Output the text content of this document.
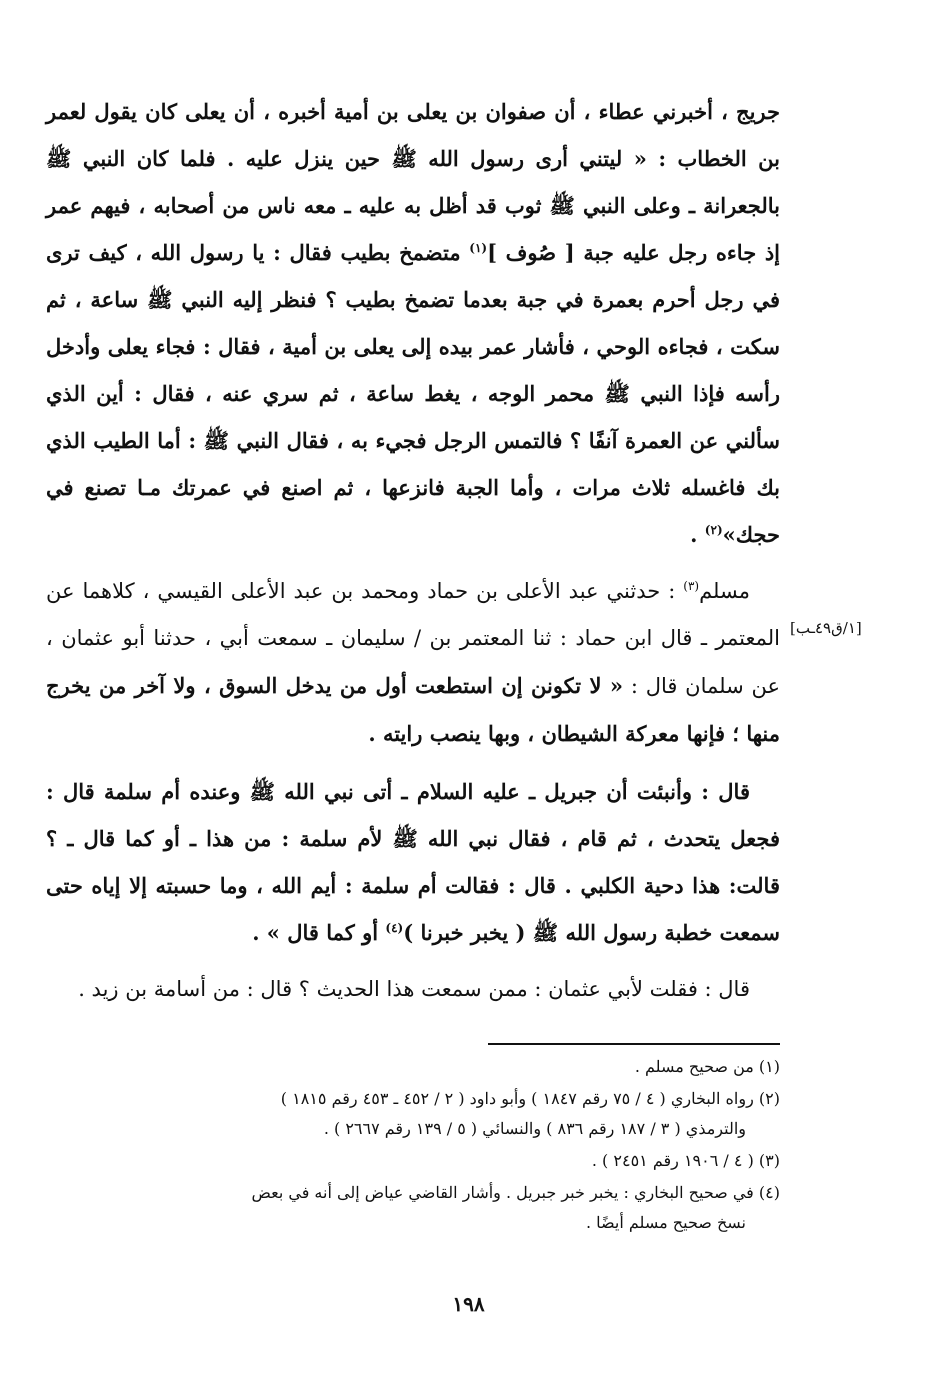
جريج ، أخبرني عطاء ، أن صفوان بن يعلى بن أمية أخبره ، أن يعلى كان يقول لعمر بن الخطاب : « ليتني أرى رسول الله ﷺ حين ينزل عليه . فلما كان النبي ﷺ بالجعرانة ـ وعلى النبي ﷺ ثوب قد أظل به عليه ـ معه ناس من أصحابه ، فيهم عمر إذ جاءه رجل عليه جبة [ صُوف ]$^{(١)}$ متضمخ بطيب فقال : يا رسول الله ، كيف ترى في رجل أحرم بعمرة في جبة بعدما تضمخ بطيب ؟ فنظر إليه النبي ﷺ ساعة ، ثم سكت ، فجاءه الوحي ، فأشار عمر بيده إلى يعلى بن أمية ، فقال : فجاء يعلى وأدخل رأسه فإذا النبي ﷺ محمر الوجه ، يغط ساعة ، ثم سري عنه ، فقال : أين الذي سألني عن العمرة آنفًا ؟ فالتمس الرجل فجيء به ، فقال النبي ﷺ : أما الطيب الذي بك فاغسله ثلاث مرات ، وأما الجبة فانزعها ، ثم اصنع في عمرتك مـا تصنع في حجك»$^{(٢)}$ .

مسلم$^{(٣)}$ : حدثني عبد الأعلى بن حماد ومحمد بن عبد الأعلى القيسي ، كلاهما عن المعتمر ـ قال ابن حماد : ثنا المعتمر بن / سليمان ـ سمعت أبي ، حدثنا أبو عثمان ، عن سلمان قال : « لا تكونن إن استطعت أول من يدخل السوق ، ولا آخر من يخرج منها ؛ فإنها معركة الشيطان ، وبها ينصب رايته .

قال : وأنبئت أن جبريل ـ عليه السلام ـ أتى نبي الله ﷺ وعنده أم سلمة قال : فجعل يتحدث ، ثم قام ، فقال نبي الله ﷺ لأم سلمة : من هذا ـ أو كما قال ـ ؟ قالت: هذا دحية الكلبي . قال : فقالت أم سلمة : أيم الله ، وما حسبته إلا إياه حتى سمعت خطبة رسول الله ﷺ ( يخبر خبرنا )$^{(٤)}$ أو كما قال » .

قال : فقلت لأبي عثمان : ممن سمعت هذا الحديث ؟ قال : من أسامة بن زيد .

[١/ق٤٩ـب]
(١) من صحيح مسلم .
(٢) رواه البخاري ( ٤ / ٧٥ رقم ١٨٤٧ ) وأبو داود ( ٢ / ٤٥٢ ـ ٤٥٣ رقم ١٨١٥ )
والترمذي ( ٣ / ١٨٧ رقم ٨٣٦ ) والنسائي ( ٥ / ١٣٩ رقم ٢٦٦٧ ) .
(٣) ( ٤ / ١٩٠٦ رقم ٢٤٥١ ) .
(٤) في صحيح البخاري : يخبر خبر جبريل . وأشار القاضي عياض إلى أنه في بعض
نسخ صحيح مسلم أيضًا .
١٩٨
